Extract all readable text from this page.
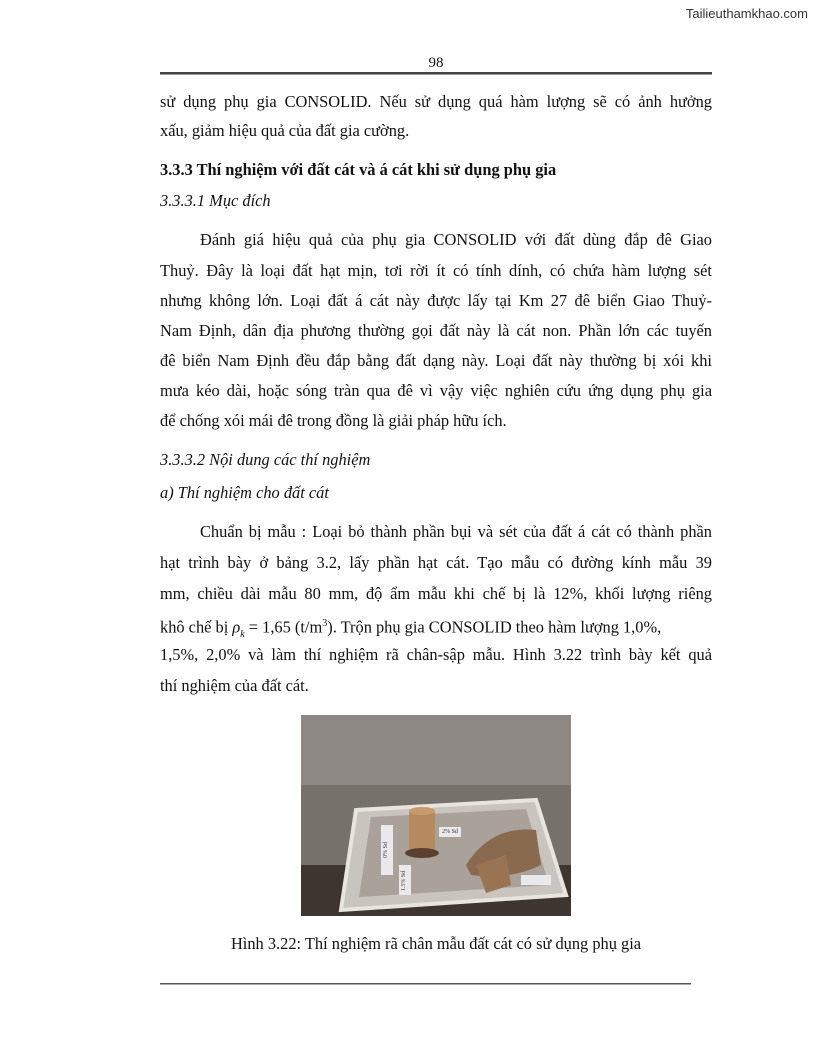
Tailieuthamkhao.com
98
sử dụng phụ gia CONSOLID. Nếu sử dụng quá hàm lượng sẽ có ảnh hưởng
xấu, giảm hiệu quả của đất gia cường.
3.3.3 Thí nghiệm với đất cát và á cát khi sử dụng phụ gia
3.3.3.1 Mục đích
Đánh giá hiệu quả của phụ gia CONSOLID với đất dùng đắp đê Giao
Thuỷ. Đây là loại đất hạt mịn, tơi rời ít có tính dính, có chứa hàm lượng sét
nhưng không lớn. Loại đất á cát này được lấy tại Km 27 đê biển Giao Thuỷ-
Nam Định, dân địa phương thường gọi đất này là cát non. Phần lớn các tuyến
đê biển Nam Định đều đắp bằng đất dạng này. Loại đất này thường bị xói khi
mưa kéo dài, hoặc sóng tràn qua đê vì vậy việc nghiên cứu ứng dụng phụ gia
để chống xói mái đê trong đồng là giải pháp hữu ích.
3.3.3.2 Nội dung các thí nghiệm
a) Thí nghiệm cho đất cát
Chuẩn bị mẫu : Loại bỏ thành phần bụi và sét của đất á cát có thành phần
hạt trình bày ở bảng 3.2, lấy phần hạt cát. Tạo mẫu có đường kính mẫu 39
mm, chiều dài mẫu 80 mm, độ ẩm mẫu khi chế bị là 12%, khối lượng riêng
khô chế bị $\rho_k = 1,65$ $(t/m^3)$. Trộn phụ gia CONSOLID theo hàm lượng 1,0%,
1,5%, 2,0% và làm thí nghiệm rã chân-sập mẫu. Hình 3.22 trình bày kết quả
thí nghiệm của đất cát.
0% Sd
1.5% Sd
2% Sd
Hình 3.22: Thí nghiệm rã chân mẫu đất cát có sử dụng phụ gia
